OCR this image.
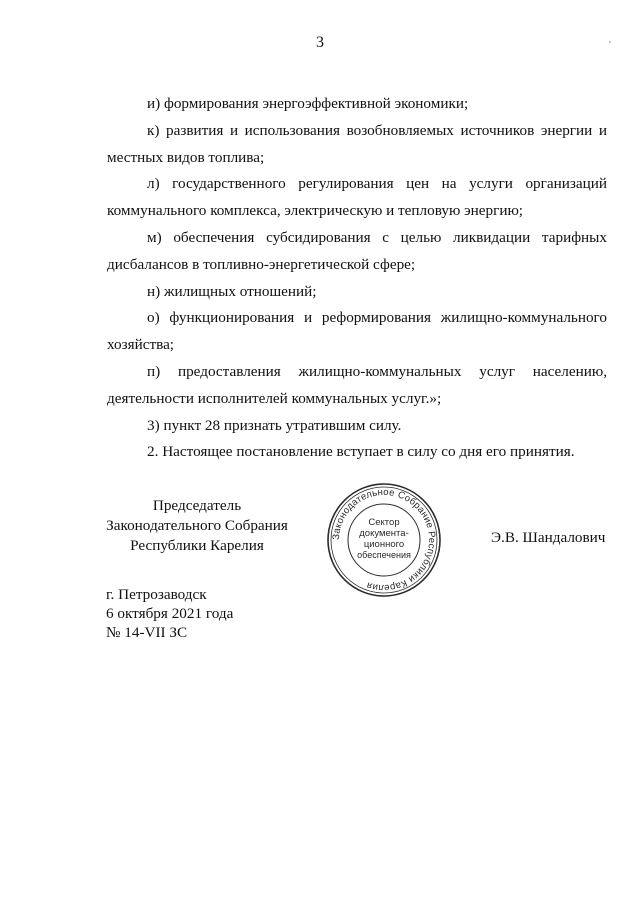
3	'

и) формирования энергоэффективной экономики;

к) развития и использования возобновляемых источников энергии и местных видов топлива;

л) государственного регулирования цен на услуги организаций коммунального комплекса, электрическую и тепловую энергию;

м) обеспечения субсидирования с целью ликвидации тарифных дисбалансов в топливно-энергетической сфере;

н) жилищных отношений;

о) функционирования и реформирования жилищно-коммунального хозяйства;

п) предоставления жилищно-коммунальных услуг населению, деятельности исполнителей коммунальных услуг.»;

3) пункт 28 признать утратившим силу.

2. Настоящее постановление вступает в силу со дня его принятия.

Председатель
Законодательного Собрания
Республики Карелия
Законодательное Собрание Республики Карелия
Сектор
документа-
ционного
обеспечения
Э.В. Шандалович
г. Петрозаводск
6 октября 2021 года
№ 14-VII ЗС
